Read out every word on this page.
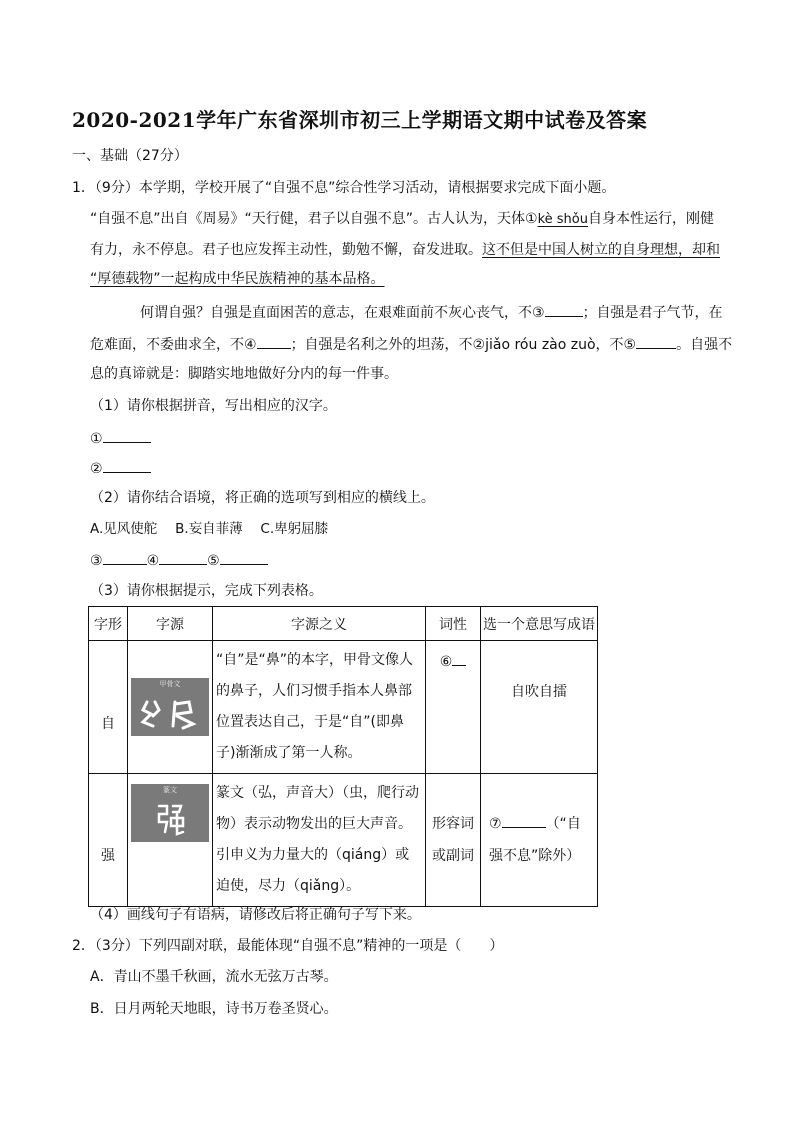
2020-2021学年广东省深圳市初三上学期语文期中试卷及答案
一、基础（27分）
1．（9分）本学期，学校开展了“自强不息”综合性学习活动，请根据要求完成下面小题。
“自强不息”出自《周易》“天行健，君子以自强不息”。古人认为，天体①kè shǒu自身本性运行，刚健
有力，永不停息。君子也应发挥主动性，勤勉不懈，奋发进取。这不但是中国人树立的自身理想，却和
“厚德载物”一起构成中华民族精神的基本品格。
何谓自强？自强是直面困苦的意志，在艰难面前不灰心丧气，不③	；自强是君子气节，在
危难面，不委曲求全，不④ ；自强是名利之外的坦荡，不②jiǎo róu zào zuò，不⑤	。自强不
息的真谛就是：脚踏实地地做好分内的每一件事。
（1）请你根据拼音，写出相应的汉字。
①
②
（2）请你结合语境，将正确的选项写到相应的横线上。
A.见风使舵　 B.妄自菲薄　 C.卑躬屈膝
③	④	⑤
（3）请你根据提示，完成下列表格。
字形	字源	字源之义	词性	选一个意思写成语
自	甲骨文	“自”是“鼻”的本字，甲骨文像人的鼻子，人们习惯手指本人鼻部位置表达自己，于是“自”(即鼻子)渐渐成了第一人称。	⑥	自吹自擂
强	篆文	篆文（弘，声音大）（虫，爬行动物）表示动物发出的巨大声音。引申义为力量大的（qiáng）或迫使，尽力（qiǎng）。	形容词或副词	⑦ （“自强不息”除外）
（4）画线句子有语病，请修改后将正确句子写下来。
2．（3分）下列四副对联，最能体现“自强不息”精神的一项是（　　）
A．青山不墨千秋画，流水无弦万古琴。
B．日月两轮天地眼，诗书万卷圣贤心。
